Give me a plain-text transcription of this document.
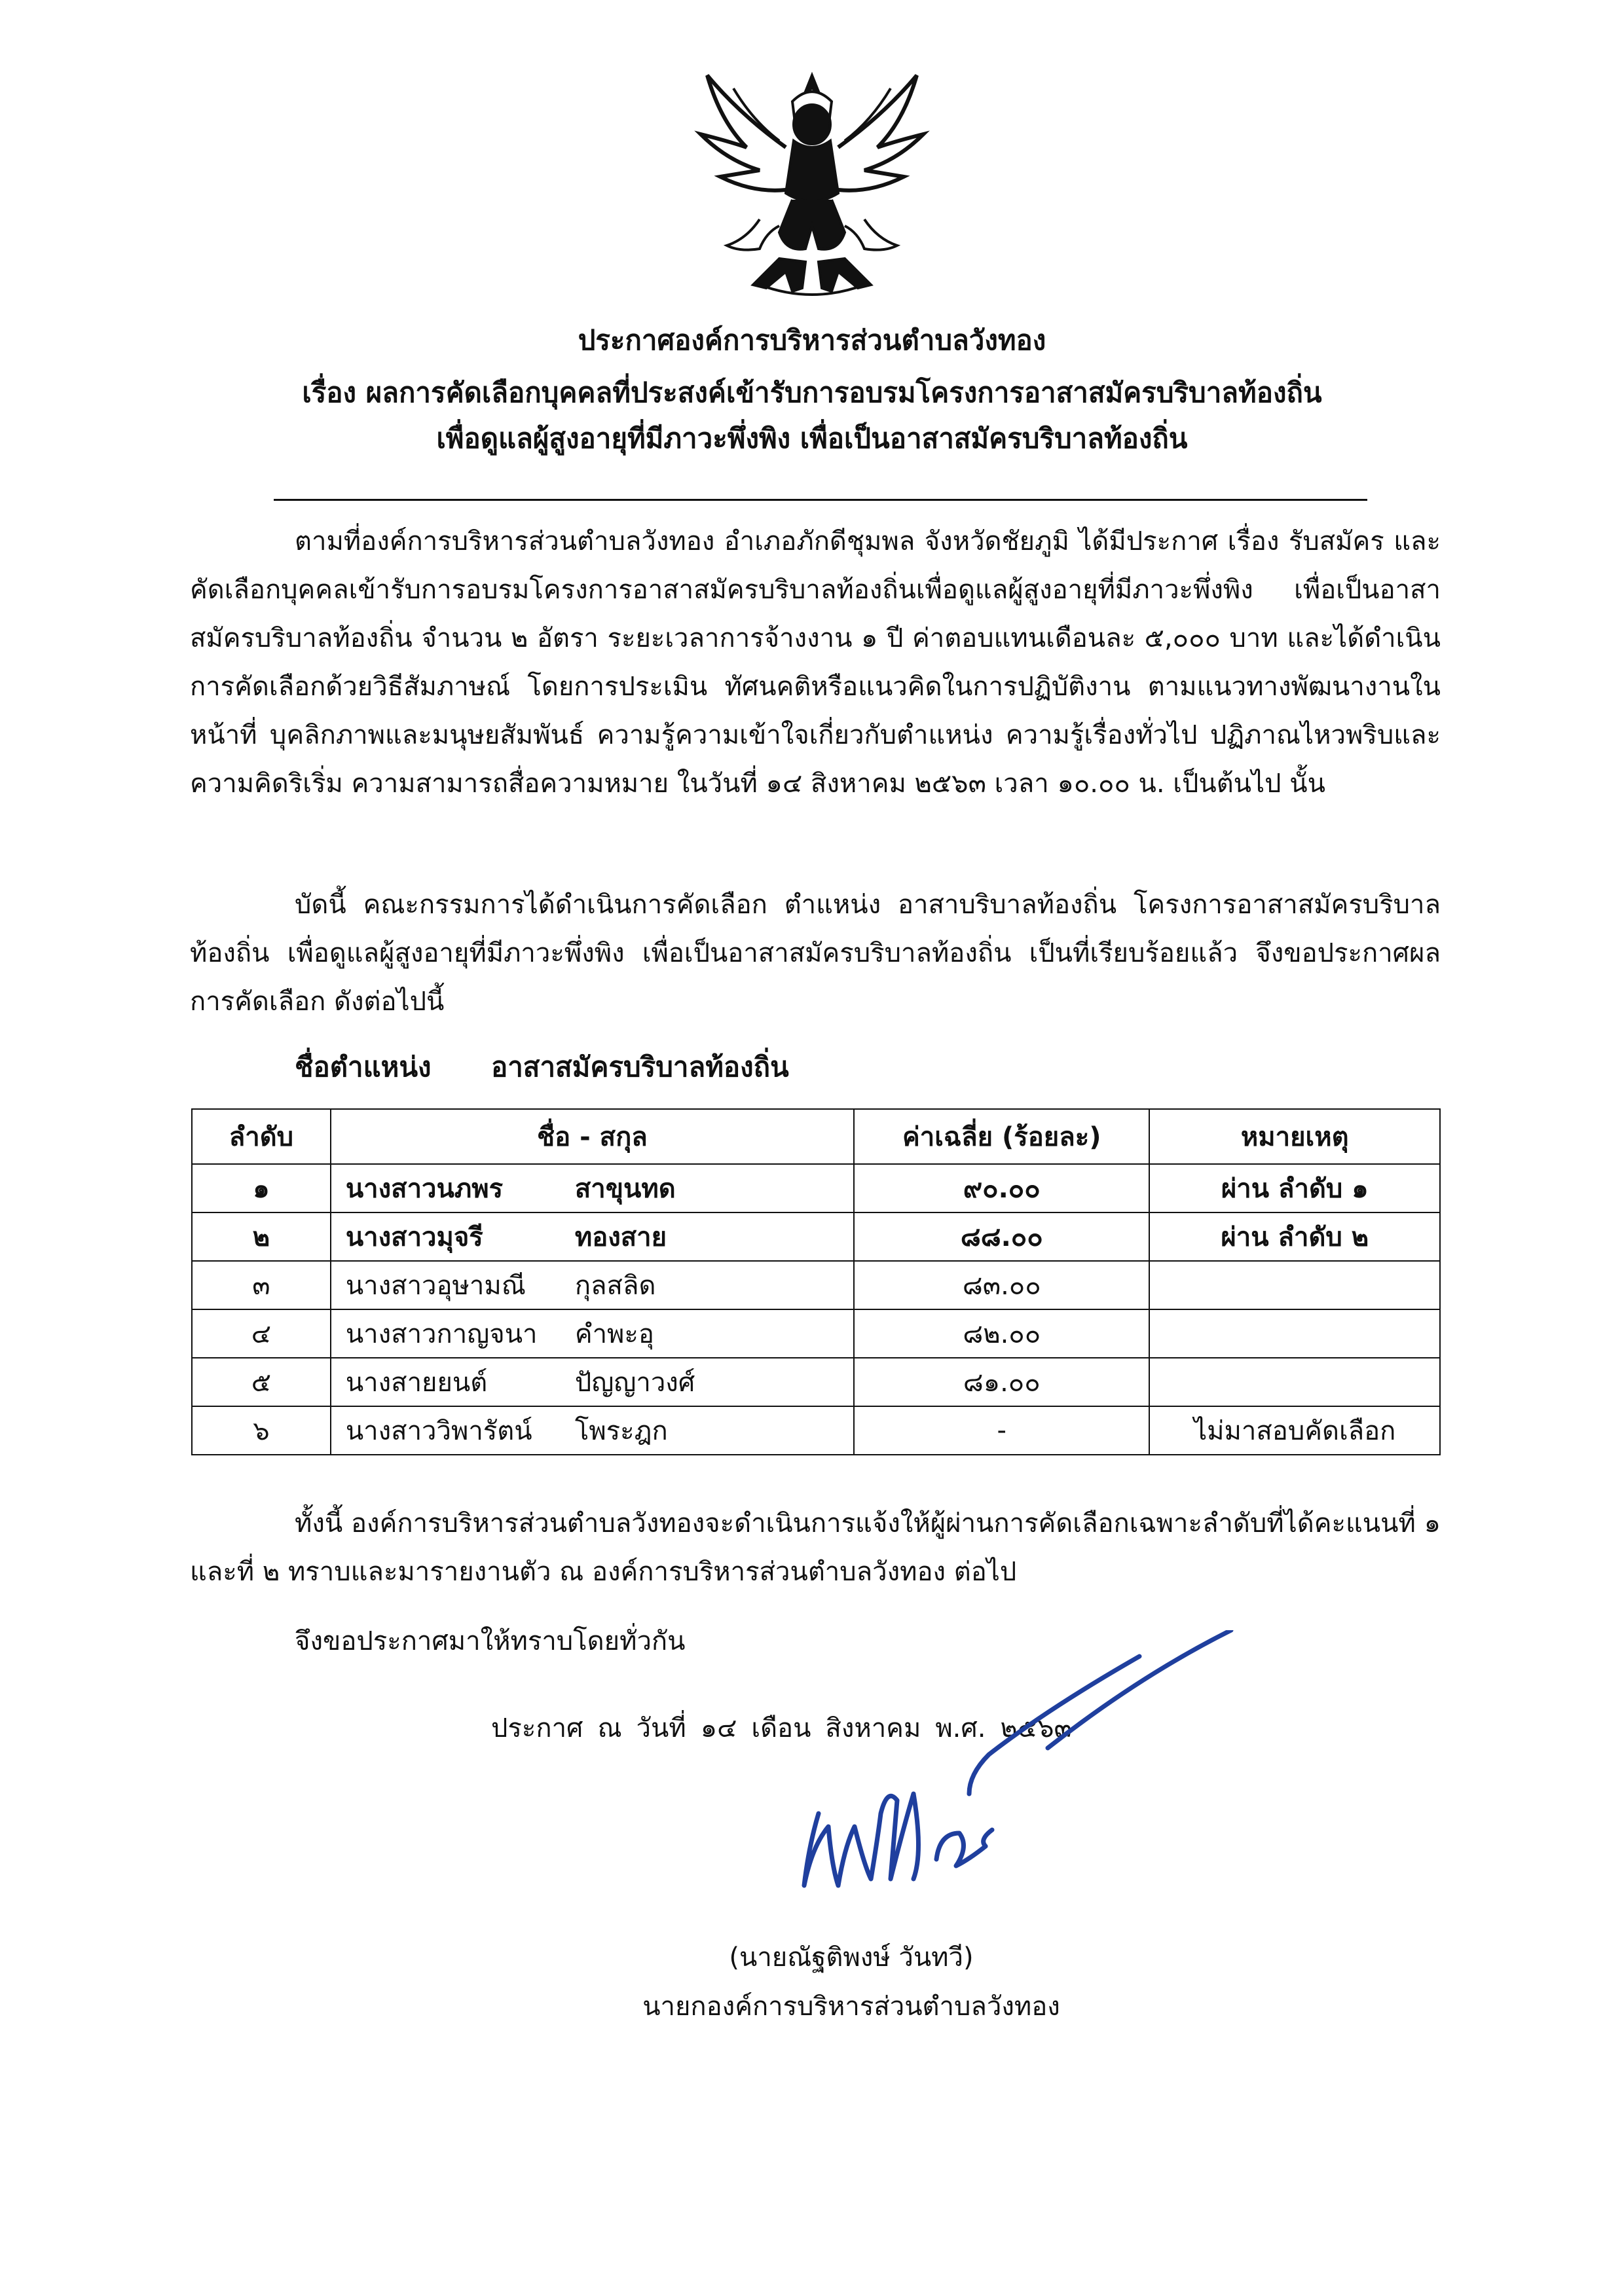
ประกาศองค์การบริหารส่วนตำบลวังทอง
เรื่อง ผลการคัดเลือกบุคคลที่ประสงค์เข้ารับการอบรมโครงการอาสาสมัครบริบาลท้องถิ่น
เพื่อดูแลผู้สูงอายุที่มีภาวะพึ่งพิง เพื่อเป็นอาสาสมัครบริบาลท้องถิ่น

ตามที่องค์การบริหารส่วนตำบลวังทอง อำเภอภักดีชุมพล จังหวัดชัยภูมิ ได้มีประกาศ เรื่อง รับสมัคร และคัดเลือกบุคคลเข้ารับการอบรมโครงการอาสาสมัครบริบาลท้องถิ่นเพื่อดูแลผู้สูงอายุที่มีภาวะพึ่งพิง เพื่อเป็นอาสาสมัครบริบาลท้องถิ่น จำนวน ๒ อัตรา ระยะเวลาการจ้างงาน ๑ ปี ค่าตอบแทนเดือนละ ๕,๐๐๐ บาท และได้ดำเนินการคัดเลือกด้วยวิธีสัมภาษณ์ โดยการประเมิน ทัศนคติหรือแนวคิดในการปฏิบัติงาน ตามแนวทางพัฒนางานในหน้าที่ บุคลิกภาพและมนุษยสัมพันธ์ ความรู้ความเข้าใจเกี่ยวกับตำแหน่ง ความรู้เรื่องทั่วไป ปฏิภาณไหวพริบและความคิดริเริ่ม ความสามารถสื่อความหมาย ในวันที่ ๑๔ สิงหาคม ๒๕๖๓ เวลา ๑๐.๐๐ น. เป็นต้นไป นั้น

บัดนี้ คณะกรรมการได้ดำเนินการคัดเลือก ตำแหน่ง อาสาบริบาลท้องถิ่น โครงการอาสาสมัครบริบาลท้องถิ่น เพื่อดูแลผู้สูงอายุที่มีภาวะพึ่งพิง เพื่อเป็นอาสาสมัครบริบาลท้องถิ่น เป็นที่เรียบร้อยแล้ว จึงขอประกาศผลการคัดเลือก ดังต่อไปนี้

ชื่อตำแหน่ง อาสาสมัครบริบาลท้องถิ่น
ลำดับ	ชื่อ - สกุล	ค่าเฉลี่ย (ร้อยละ)	หมายเหตุ
๑	นางสาวนภพร สาขุนทด	๙๐.๐๐	ผ่าน ลำดับ ๑
๒	นางสาวมุจรี ทองสาย	๘๘.๐๐	ผ่าน ลำดับ ๒
๓	นางสาวอุษามณี กุลสลิด	๘๓.๐๐	
๔	นางสาวกาญจนา คำพะอุ	๘๒.๐๐	
๕	นางสายยนต์ ปัญญาวงศ์	๘๑.๐๐	
๖	นางสาววิพารัตน์ โพระฎก	-	ไม่มาสอบคัดเลือก

ทั้งนี้ องค์การบริหารส่วนตำบลวังทองจะดำเนินการแจ้งให้ผู้ผ่านการคัดเลือกเฉพาะลำดับที่ได้คะแนนที่ ๑ และที่ ๒ ทราบและมารายงานตัว ณ องค์การบริหารส่วนตำบลวังทอง ต่อไป

จึงขอประกาศมาให้ทราบโดยทั่วกัน

ประกาศ ณ วันที่ ๑๔ เดือน สิงหาคม พ.ศ. ๒๕๖๓
(นายณัฐติพงษ์ วันทวี)
นายกองค์การบริหารส่วนตำบลวังทอง
